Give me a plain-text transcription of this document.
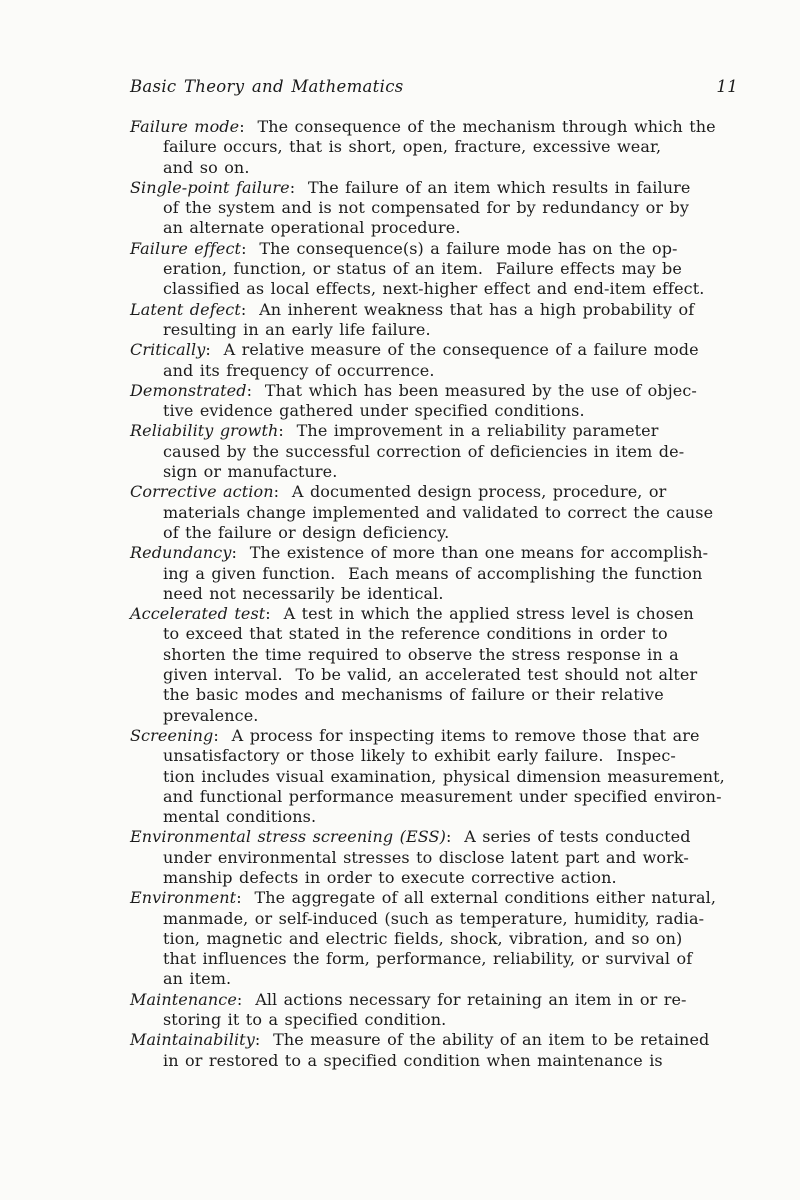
Basic Theory and Mathematics	11
Failure mode:  The consequence of the mechanism through which the
failure occurs, that is short, open, fracture, excessive wear,
and so on.
Single-point failure:  The failure of an item which results in failure
of the system and is not compensated for by redundancy or by
an alternate operational procedure.
Failure effect:  The consequence(s) a failure mode has on the op-
eration, function, or status of an item.  Failure effects may be
classified as local effects, next-higher effect and end-item effect.
Latent defect:  An inherent weakness that has a high probability of
resulting in an early life failure.
Critically:  A relative measure of the consequence of a failure mode
and its frequency of occurrence.
Demonstrated:  That which has been measured by the use of objec-
tive evidence gathered under specified conditions.
Reliability growth:  The improvement in a reliability parameter
caused by the successful correction of deficiencies in item de-
sign or manufacture.
Corrective action:  A documented design process, procedure, or
materials change implemented and validated to correct the cause
of the failure or design deficiency.
Redundancy:  The existence of more than one means for accomplish-
ing a given function.  Each means of accomplishing the function
need not necessarily be identical.
Accelerated test:  A test in which the applied stress level is chosen
to exceed that stated in the reference conditions in order to
shorten the time required to observe the stress response in a
given interval.  To be valid, an accelerated test should not alter
the basic modes and mechanisms of failure or their relative
prevalence.
Screening:  A process for inspecting items to remove those that are
unsatisfactory or those likely to exhibit early failure.  Inspec-
tion includes visual examination, physical dimension measurement,
and functional performance measurement under specified environ-
mental conditions.
Environmental stress screening (ESS):  A series of tests conducted
under environmental stresses to disclose latent part and work-
manship defects in order to execute corrective action.
Environment:  The aggregate of all external conditions either natural,
manmade, or self-induced (such as temperature, humidity, radia-
tion, magnetic and electric fields, shock, vibration, and so on)
that influences the form, performance, reliability, or survival of
an item.
Maintenance:  All actions necessary for retaining an item in or re-
storing it to a specified condition.
Maintainability:  The measure of the ability of an item to be retained
in or restored to a specified condition when maintenance is
